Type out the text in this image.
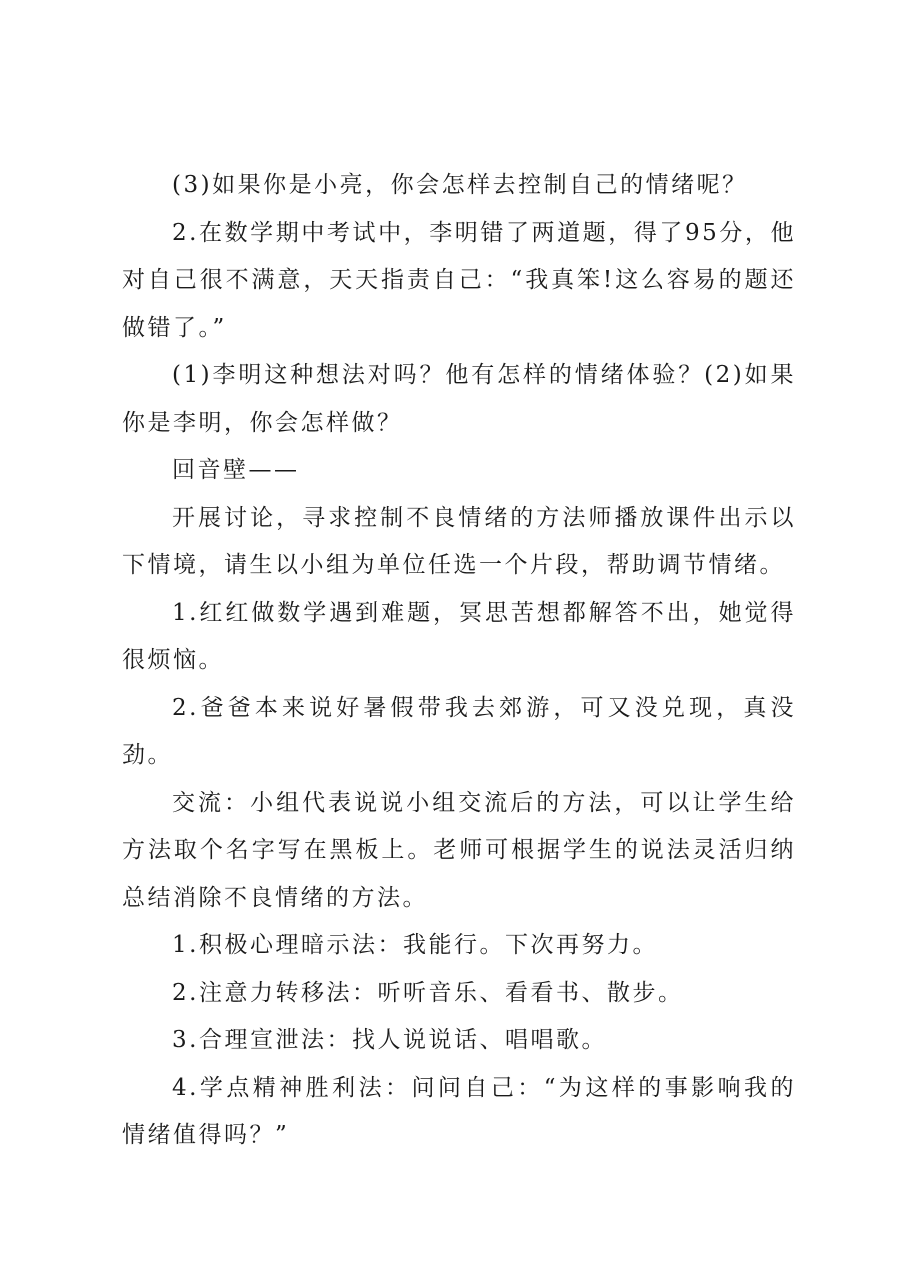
(3)如果你是小亮，你会怎样去控制自己的情绪呢？

2.在数学期中考试中，李明错了两道题，得了95分，他对自己很不满意，天天指责自己：“我真笨!这么容易的题还做错了。”

(1)李明这种想法对吗？他有怎样的情绪体验？(2)如果你是李明，你会怎样做？

回音壁——

开展讨论，寻求控制不良情绪的方法师播放课件出示以下情境，请生以小组为单位任选一个片段，帮助调节情绪。

1.红红做数学遇到难题，冥思苦想都解答不出，她觉得很烦恼。

2.爸爸本来说好暑假带我去郊游，可又没兑现，真没劲。

交流：小组代表说说小组交流后的方法，可以让学生给方法取个名字写在黑板上。老师可根据学生的说法灵活归纳总结消除不良情绪的方法。

1.积极心理暗示法：我能行。下次再努力。

2.注意力转移法：听听音乐、看看书、散步。

3.合理宣泄法：找人说说话、唱唱歌。

4.学点精神胜利法：问问自己：“为这样的事影响我的情绪值得吗？”
